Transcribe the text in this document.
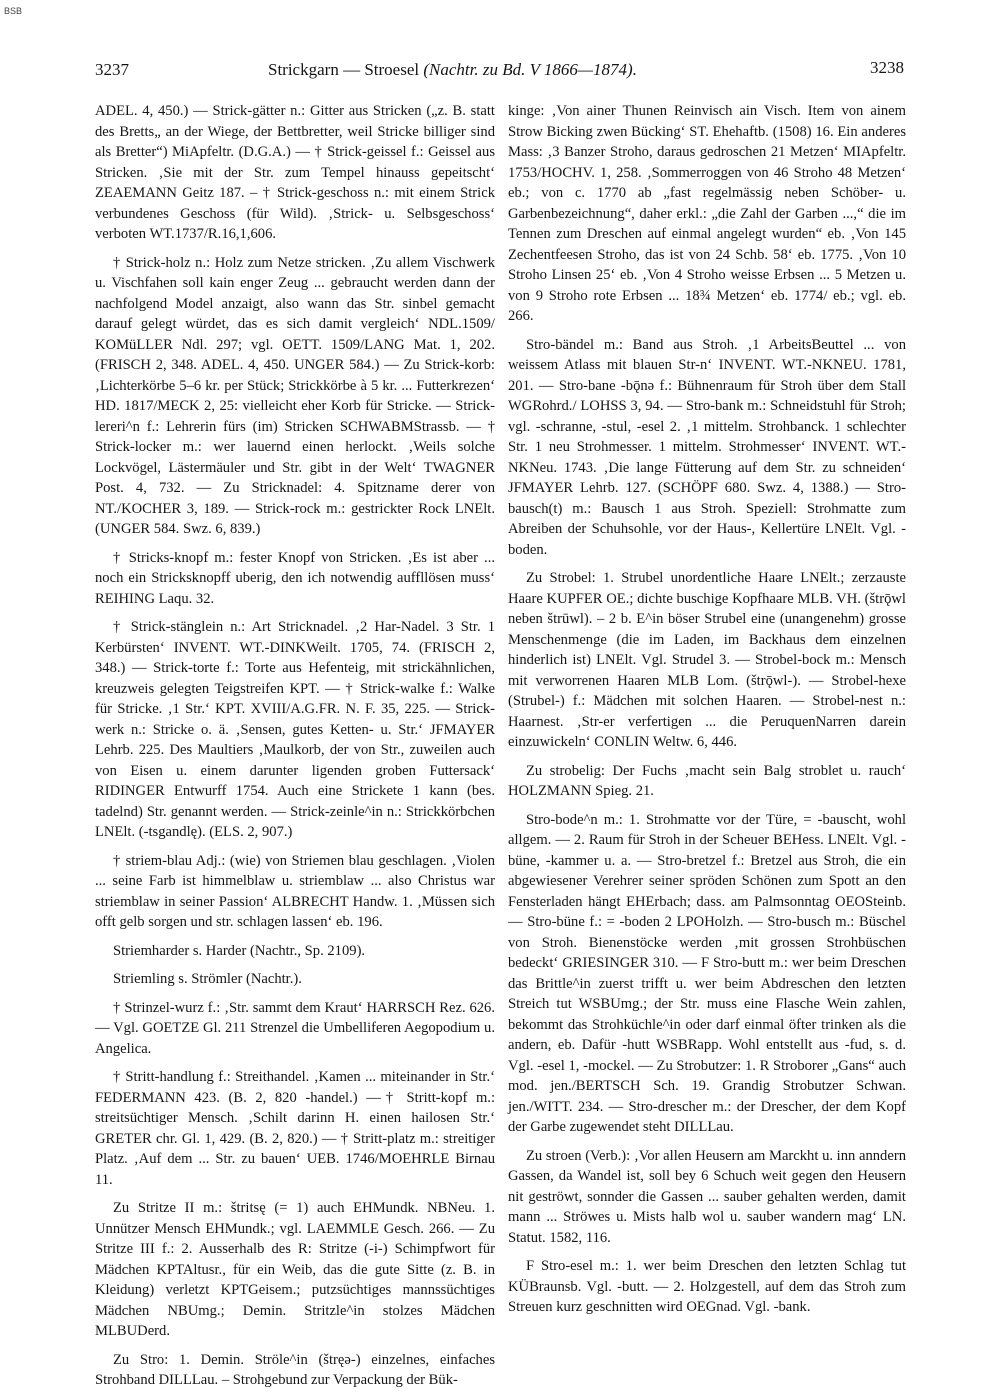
BSB
3237	Strickgarn — Stroesel (Nachtr. zu Bd. V 1866—1874).	3238

ADEL. 4, 450.) — Strick-gätter n.: Gitter aus Stricken („z. B. statt des Bretts„ an der Wiege, der Bettbretter, weil Stricke billiger sind als Bretter“) MiApfeltr. (D.G.A.) — † Strick-geissel f.: Geissel aus Stricken. ‚Sie mit der Str. zum Tempel hinauss gepeitscht‘ ZEAEMANN Geitz 187. – † Strick-geschoss n.: mit einem Strick verbundenes Geschoss (für Wild). ‚Strick- u. Selbsgeschoss‘ verboten WT.1737/R.16,1,606.

† Strick-holz n.: Holz zum Netze stricken. ‚Zu allem Vischwerk u. Vischfahen soll kain enger Zeug ... gebraucht werden dann der nachfolgend Model anzaigt, also wann das Str. sinbel gemacht darauf gelegt würdet, das es sich damit vergleich‘ NDL.1509/ KOMüLLER Ndl. 297; vgl. OETT. 1509/LANG Mat. 1, 202. (FRISCH 2, 348. ADEL. 4, 450. UNGER 584.) — Zu Strick-korb: ‚Lichterkörbe 5–6 kr. per Stück; Strickkörbe à 5 kr. ... Futterkrezen‘ HD. 1817/MECK 2, 25: vielleicht eher Korb für Stricke. — Strick-lereri^n f.: Lehrerin fürs (im) Stricken SCHWABMStrassb. — † Strick-locker m.: wer lauernd einen herlockt. ‚Weils solche Lockvögel, Lästermäuler und Str. gibt in der Welt‘ TWAGNER Post. 4, 732. — Zu Stricknadel: 4. Spitzname derer von NT./KOCHER 3, 189. — Strick-rock m.: gestrickter Rock LNElt. (UNGER 584. Swz. 6, 839.)

† Stricks-knopf m.: fester Knopf von Stricken. ‚Es ist aber ... noch ein Stricksknopff uberig, den ich notwendig auffllösen muss‘ REIHING Laqu. 32.

† Strick-stänglein n.: Art Stricknadel. ‚2 Har-Nadel. 3 Str. 1 Kerbürsten‘ INVENT. WT.-DINKWeilt. 1705, 74. (FRISCH 2, 348.) — Strick-torte f.: Torte aus Hefenteig, mit strickähnlichen, kreuzweis gelegten Teigstreifen KPT. — † Strick-walke f.: Walke für Stricke. ‚1 Str.‘ KPT. XVIII/A.G.FR. N. F. 35, 225. — Strick-werk n.: Stricke o. ä. ‚Sensen, gutes Ketten- u. Str.‘ JFMAYER Lehrb. 225. Des Maultiers ‚Maulkorb, der von Str., zuweilen auch von Eisen u. einem darunter ligenden groben Futtersack‘ RIDINGER Entwurff 1754. Auch eine Strickete 1 kann (bes. tadelnd) Str. genannt werden. — Strick-zeinle^in n.: Strickkörbchen LNElt. (-tsgandlę). (ELS. 2, 907.)

† striem-blau Adj.: (wie) von Striemen blau geschlagen. ‚Violen ... seine Farb ist himmelblaw u. striemblaw ... also Christus war striemblaw in seiner Passion‘ ALBRECHT Handw. 1. ‚Müssen sich offt gelb sorgen und str. schlagen lassen‘ eb. 196.

Striemharder s. Harder (Nachtr., Sp. 2109).

Striemling s. Strömler (Nachtr.).

† Strinzel-wurz f.: ‚Str. sammt dem Kraut‘ HARRSCH Rez. 626. — Vgl. GOETZE Gl. 211 Strenzel die Umbelliferen Aegopodium u. Angelica.

† Stritt-handlung f.: Streithandel. ‚Kamen ... miteinander in Str.‘ FEDERMANN 423. (B. 2, 820 -handel.) —† Stritt-kopf m.: streitsüchtiger Mensch. ‚Schilt darinn H. einen hailosen Str.‘ GRETER chr. Gl. 1, 429. (B. 2, 820.) — † Stritt-platz m.: streitiger Platz. ‚Auf dem ... Str. zu bauen‘ UEB. 1746/MOEHRLE Birnau 11.

Zu Stritze II m.: štritsę (= 1) auch EHMundk. NBNeu. 1. Unnützer Mensch EHMundk.; vgl. LAEMMLE Gesch. 266. — Zu Stritze III f.: 2. Ausserhalb des R: Stritze (-i-) Schimpfwort für Mädchen KPTAltusr., für ein Weib, das die gute Sitte (z. B. in Kleidung) verletzt KPTGeisem.; putzsüchtiges mannssüchtiges Mädchen NBUmg.; Demin. Stritzle^in stolzes Mädchen MLBUDerd.

Zu Stro: 1. Demin. Ströle^in (štręə-) einzelnes, einfaches Strohband DILLLau. – Strohgebund zur Verpackung der Bük-

kinge: ‚Von ainer Thunen Reinvisch ain Visch. Item von ainem Strow Bicking zwen Bücking‘ ST. Ehehaftb. (1508) 16. Ein anderes Mass: ‚3 Banzer Stroho, daraus gedroschen 21 Metzen‘ MIApfeltr. 1753/HOCHV. 1, 258. ‚Sommerroggen von 46 Stroho 48 Metzen‘ eb.; von c. 1770 ab „fast regelmässig neben Schöber- u. Garbenbezeichnung“, daher erkl.: „die Zahl der Garben ...,“ die im Tennen zum Dreschen auf einmal angelegt wurden“ eb. ‚Von 145 Zechentfeesen Stroho, das ist von 24 Schb. 58‘ eb. 1775. ‚Von 10 Stroho Linsen 25‘ eb. ‚Von 4 Stroho weisse Erbsen ... 5 Metzen u. von 9 Stroho rote Erbsen ... 18¾ Metzen‘ eb. 1774/ eb.; vgl. eb. 266.

Stro-bändel m.: Band aus Stroh. ‚1 ArbeitsBeuttel ... von weissem Atlass mit blauen Str-n‘ INVENT. WT.-NKNEU. 1781, 201. — Stro-bane -bǭnə f.: Bühnenraum für Stroh über dem Stall WGRohrd./ LOHSS 3, 94. — Stro-bank m.: Schneidstuhl für Stroh; vgl. -schranne, -stul, -esel 2. ‚1 mittelm. Strohbanck. 1 schlechter Str. 1 neu Strohmesser. 1 mittelm. Strohmesser‘ INVENT. WT.-NKNeu. 1743. ‚Die lange Fütterung auf dem Str. zu schneiden‘ JFMAYER Lehrb. 127. (SCHÖPF 680. Swz. 4, 1388.) — Stro-bausch(t) m.: Bausch 1 aus Stroh. Speziell: Strohmatte zum Abreiben der Schuhsohle, vor der Haus-, Kellertüre LNElt. Vgl. -boden.

Zu Strobel: 1. Strubel unordentliche Haare LNElt.; zerzauste Haare KUPFER OE.; dichte buschige Kopfhaare MLB. VH. (štrǭwl neben štrūwl). – 2 b. E^in böser Strubel eine (unangenehm) grosse Menschenmenge (die im Laden, im Backhaus dem einzelnen hinderlich ist) LNElt. Vgl. Strudel 3. — Strobel-bock m.: Mensch mit verworrenen Haaren MLB Lom. (štrǭwl-). — Strobel-hexe (Strubel-) f.: Mädchen mit solchen Haaren. — Strobel-nest n.: Haarnest. ‚Str-er verfertigen ... die PeruquenNarren darein einzuwickeln‘ CONLIN Weltw. 6, 446.

Zu strobelig: Der Fuchs ‚macht sein Balg stroblet u. rauch‘ HOLZMANN Spieg. 21.

Stro-bode^n m.: 1. Strohmatte vor der Türe, = -bauscht, wohl allgem. — 2. Raum für Stroh in der Scheuer BEHess. LNElt. Vgl. -büne, -kammer u. a. — Stro-bretzel f.: Bretzel aus Stroh, die ein abgewiesener Verehrer seiner spröden Schönen zum Spott an den Fensterladen hängt EHErbach; dass. am Palmsonntag OEOSteinb. — Stro-büne f.: = -boden 2 LPOHolzh. — Stro-busch m.: Büschel von Stroh. Bienenstöcke werden ‚mit grossen Strohbüschen bedeckt‘ GRIESINGER 310. — F Stro-butt m.: wer beim Dreschen das Brittle^in zuerst trifft u. wer beim Abdreschen den letzten Streich tut WSBUmg.; der Str. muss eine Flasche Wein zahlen, bekommt das Strohküchle^in oder darf einmal öfter trinken als die andern, eb. Dafür -hutt WSBRapp. Wohl entstellt aus -fud, s. d. Vgl. -esel 1, -mockel. — Zu Strobutzer: 1. R Stroborer „Gans“ auch mod. jen./BERTSCH Sch. 19. Grandig Strobutzer Schwan. jen./WITT. 234. — Stro-drescher m.: der Drescher, der dem Kopf der Garbe zugewendet steht DILLLau.

Zu stroen (Verb.): ‚Vor allen Heusern am Marckht u. inn anndern Gassen, da Wandel ist, soll bey 6 Schuch weit gegen den Heusern nit geströwt, sonnder die Gassen ... sauber gehalten werden, damit mann ... Ströwes u. Mists halb wol u. sauber wandern mag‘ LN. Statut. 1582, 116.

F Stro-esel m.: 1. wer beim Dreschen den letzten Schlag tut KÜBraunsb. Vgl. -butt. — 2. Holzgestell, auf dem das Stroh zum Streuen kurz geschnitten wird OEGnad. Vgl. -bank.
